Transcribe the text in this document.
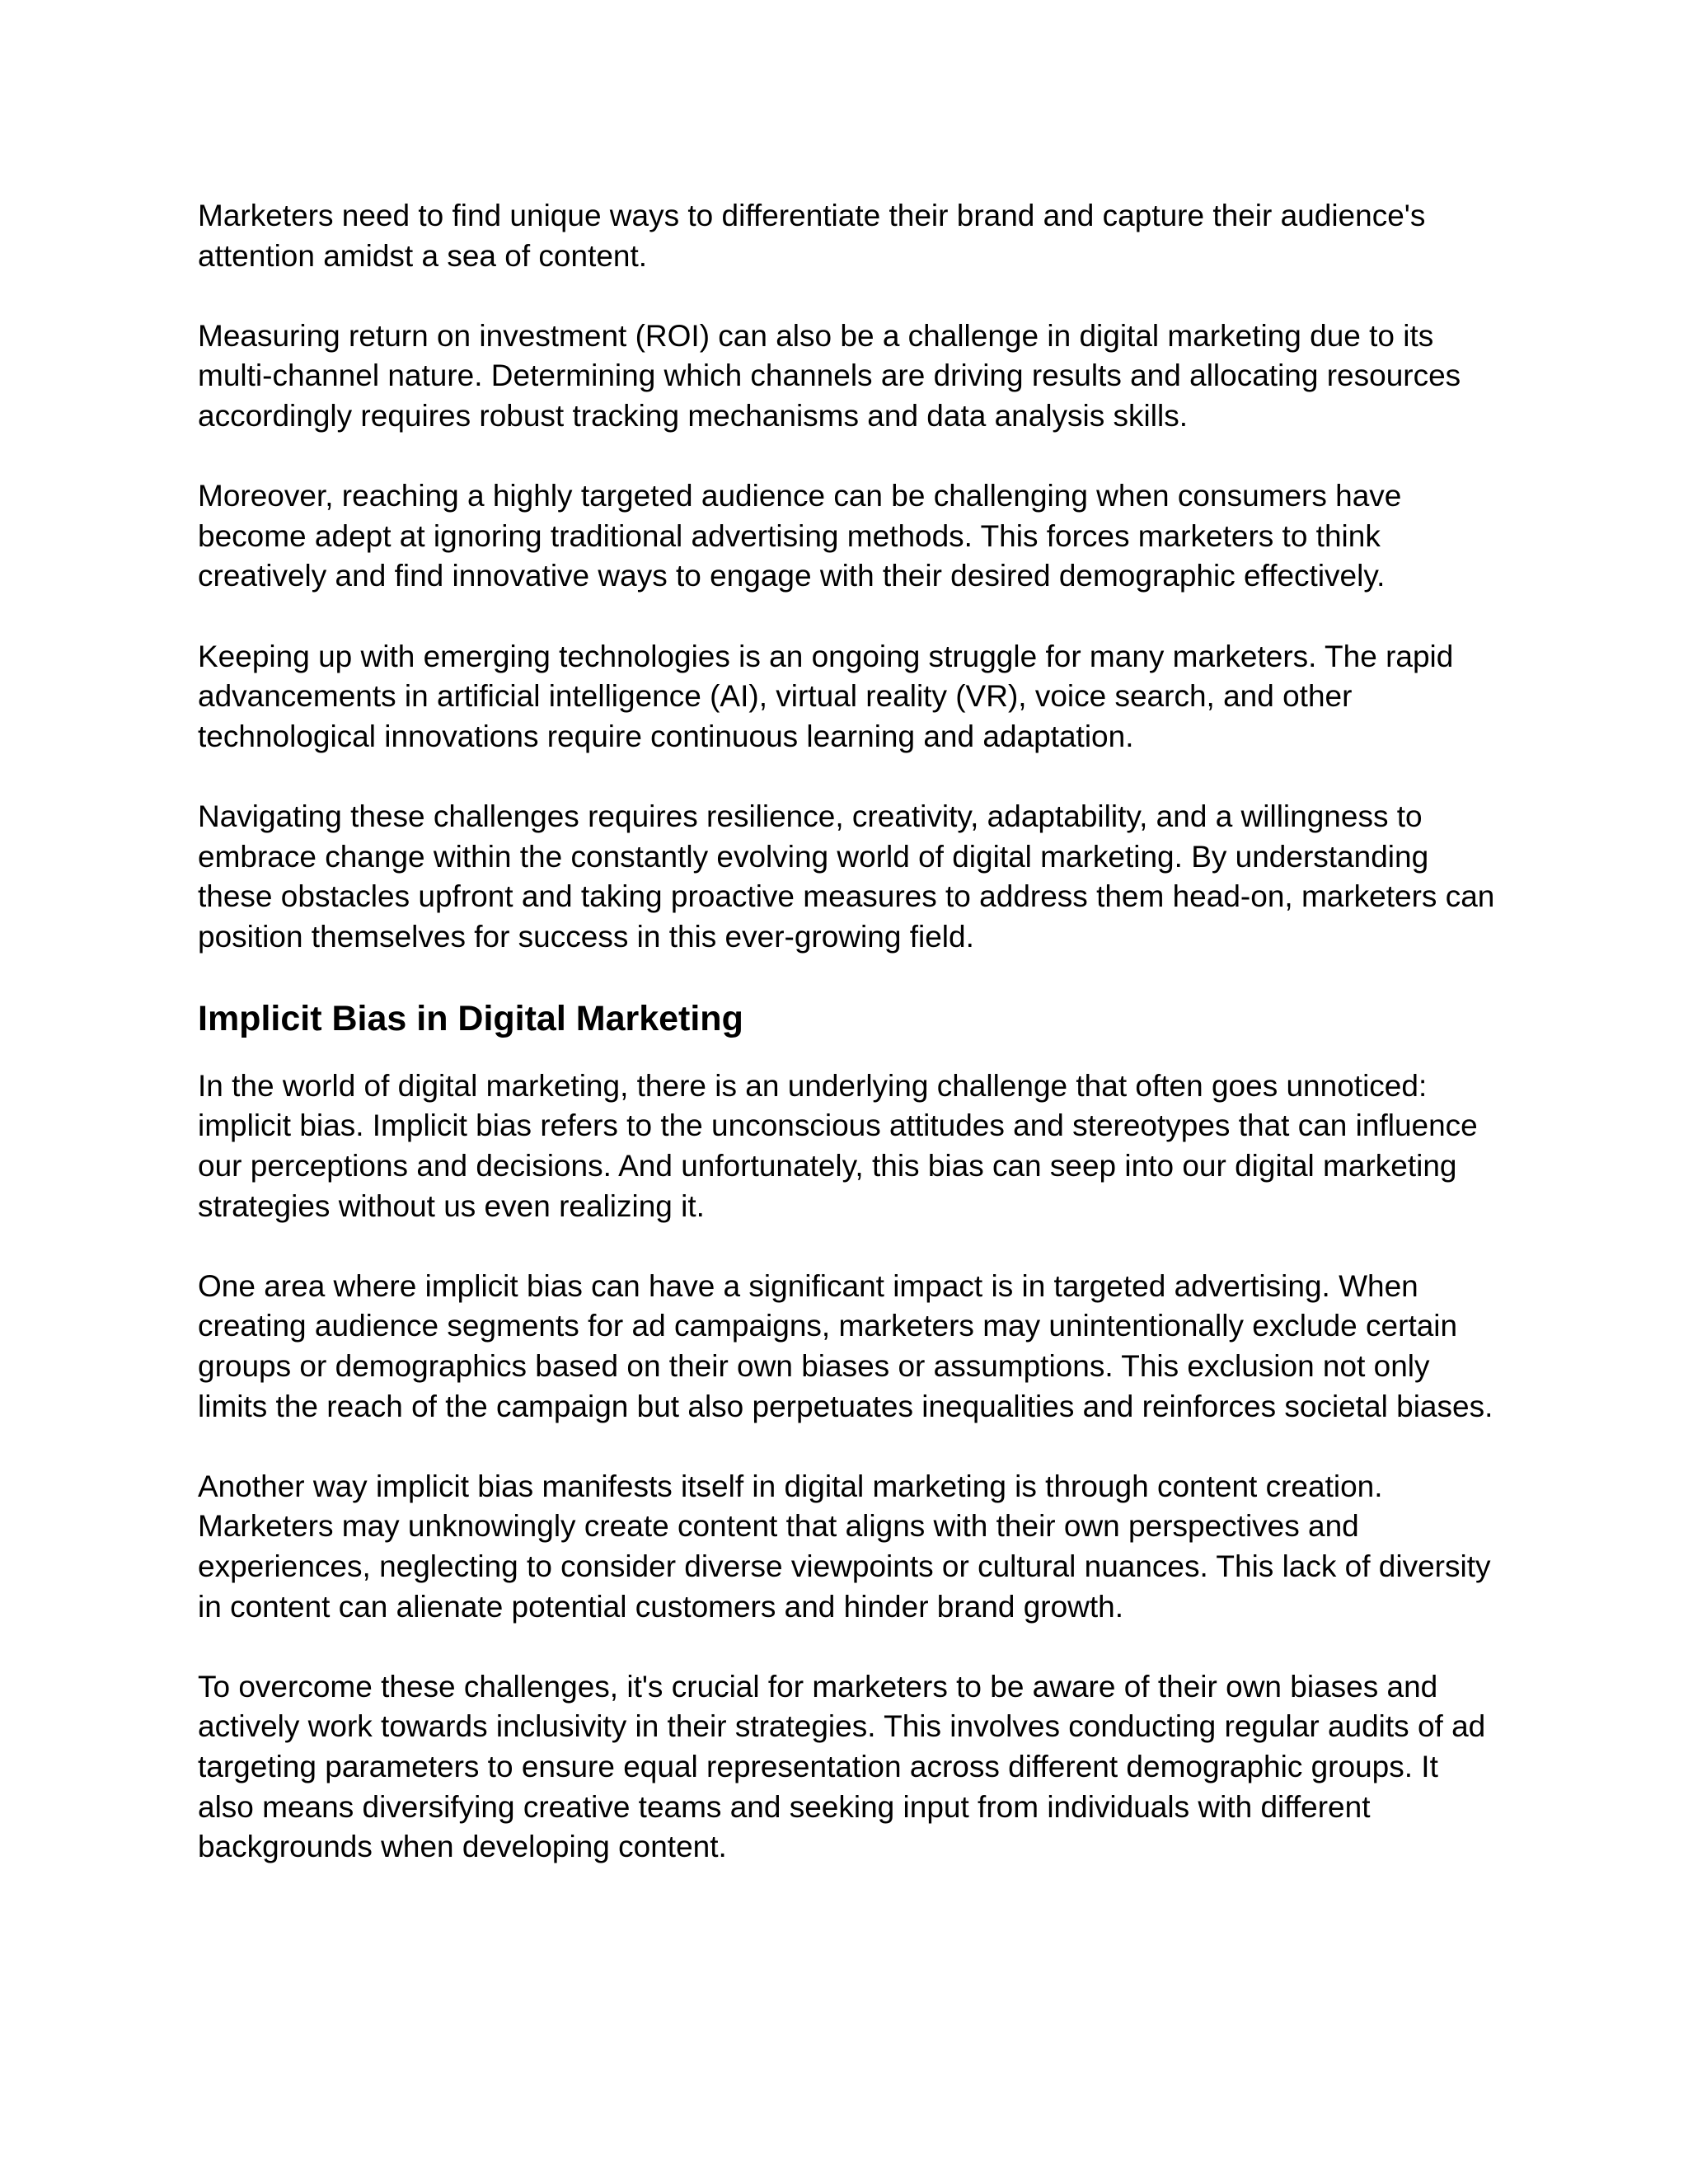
Marketers need to find unique ways to differentiate their brand and capture their audience's attention amidst a sea of content.

Measuring return on investment (ROI) can also be a challenge in digital marketing due to its multi-channel nature. Determining which channels are driving results and allocating resources accordingly requires robust tracking mechanisms and data analysis skills.

Moreover, reaching a highly targeted audience can be challenging when consumers have become adept at ignoring traditional advertising methods. This forces marketers to think creatively and find innovative ways to engage with their desired demographic effectively.

Keeping up with emerging technologies is an ongoing struggle for many marketers. The rapid advancements in artificial intelligence (AI), virtual reality (VR), voice search, and other technological innovations require continuous learning and adaptation.

Navigating these challenges requires resilience, creativity, adaptability, and a willingness to embrace change within the constantly evolving world of digital marketing. By understanding these obstacles upfront and taking proactive measures to address them head-on, marketers can position themselves for success in this ever-growing field.

Implicit Bias in Digital Marketing

In the world of digital marketing, there is an underlying challenge that often goes unnoticed: implicit bias. Implicit bias refers to the unconscious attitudes and stereotypes that can influence our perceptions and decisions. And unfortunately, this bias can seep into our digital marketing strategies without us even realizing it.

One area where implicit bias can have a significant impact is in targeted advertising. When creating audience segments for ad campaigns, marketers may unintentionally exclude certain groups or demographics based on their own biases or assumptions. This exclusion not only limits the reach of the campaign but also perpetuates inequalities and reinforces societal biases.

Another way implicit bias manifests itself in digital marketing is through content creation. Marketers may unknowingly create content that aligns with their own perspectives and experiences, neglecting to consider diverse viewpoints or cultural nuances. This lack of diversity in content can alienate potential customers and hinder brand growth.

To overcome these challenges, it's crucial for marketers to be aware of their own biases and actively work towards inclusivity in their strategies. This involves conducting regular audits of ad targeting parameters to ensure equal representation across different demographic groups. It also means diversifying creative teams and seeking input from individuals with different backgrounds when developing content.
